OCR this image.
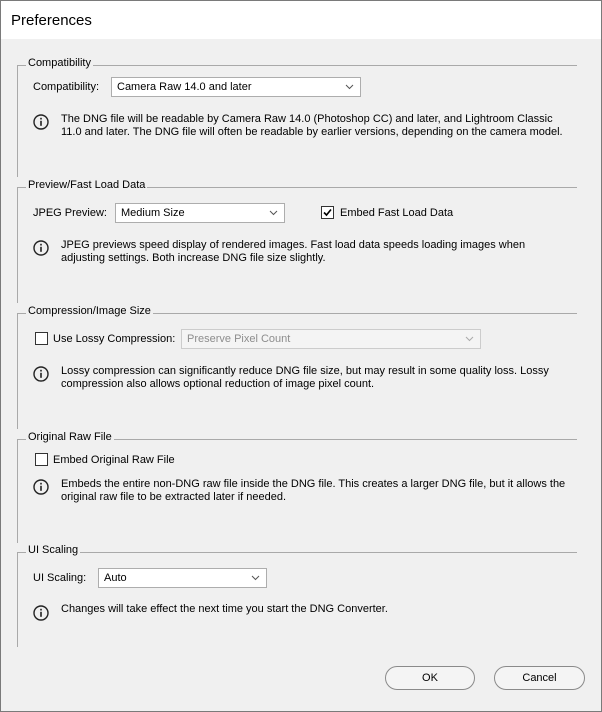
Preferences
Compatibility
Compatibility: Camera Raw 14.0 and later
The DNG file will be readable by Camera Raw 14.0 (Photoshop CC) and later, and Lightroom Classic
11.0 and later. The DNG file will often be readable by earlier versions, depending on the camera model.
Preview/Fast Load Data
JPEG Preview: Medium Size	Embed Fast Load Data
JPEG previews speed display of rendered images. Fast load data speeds loading images when
adjusting settings. Both increase DNG file size slightly.
Compression/Image Size
Use Lossy Compression: Preserve Pixel Count
Lossy compression can significantly reduce DNG file size, but may result in some quality loss. Lossy
compression also allows optional reduction of image pixel count.
Original Raw File
Embed Original Raw File
Embeds the entire non-DNG raw file inside the DNG file. This creates a larger DNG file, but it allows the
original raw file to be extracted later if needed.
UI Scaling
UI Scaling: Auto
Changes will take effect the next time you start the DNG Converter.
OK	Cancel
